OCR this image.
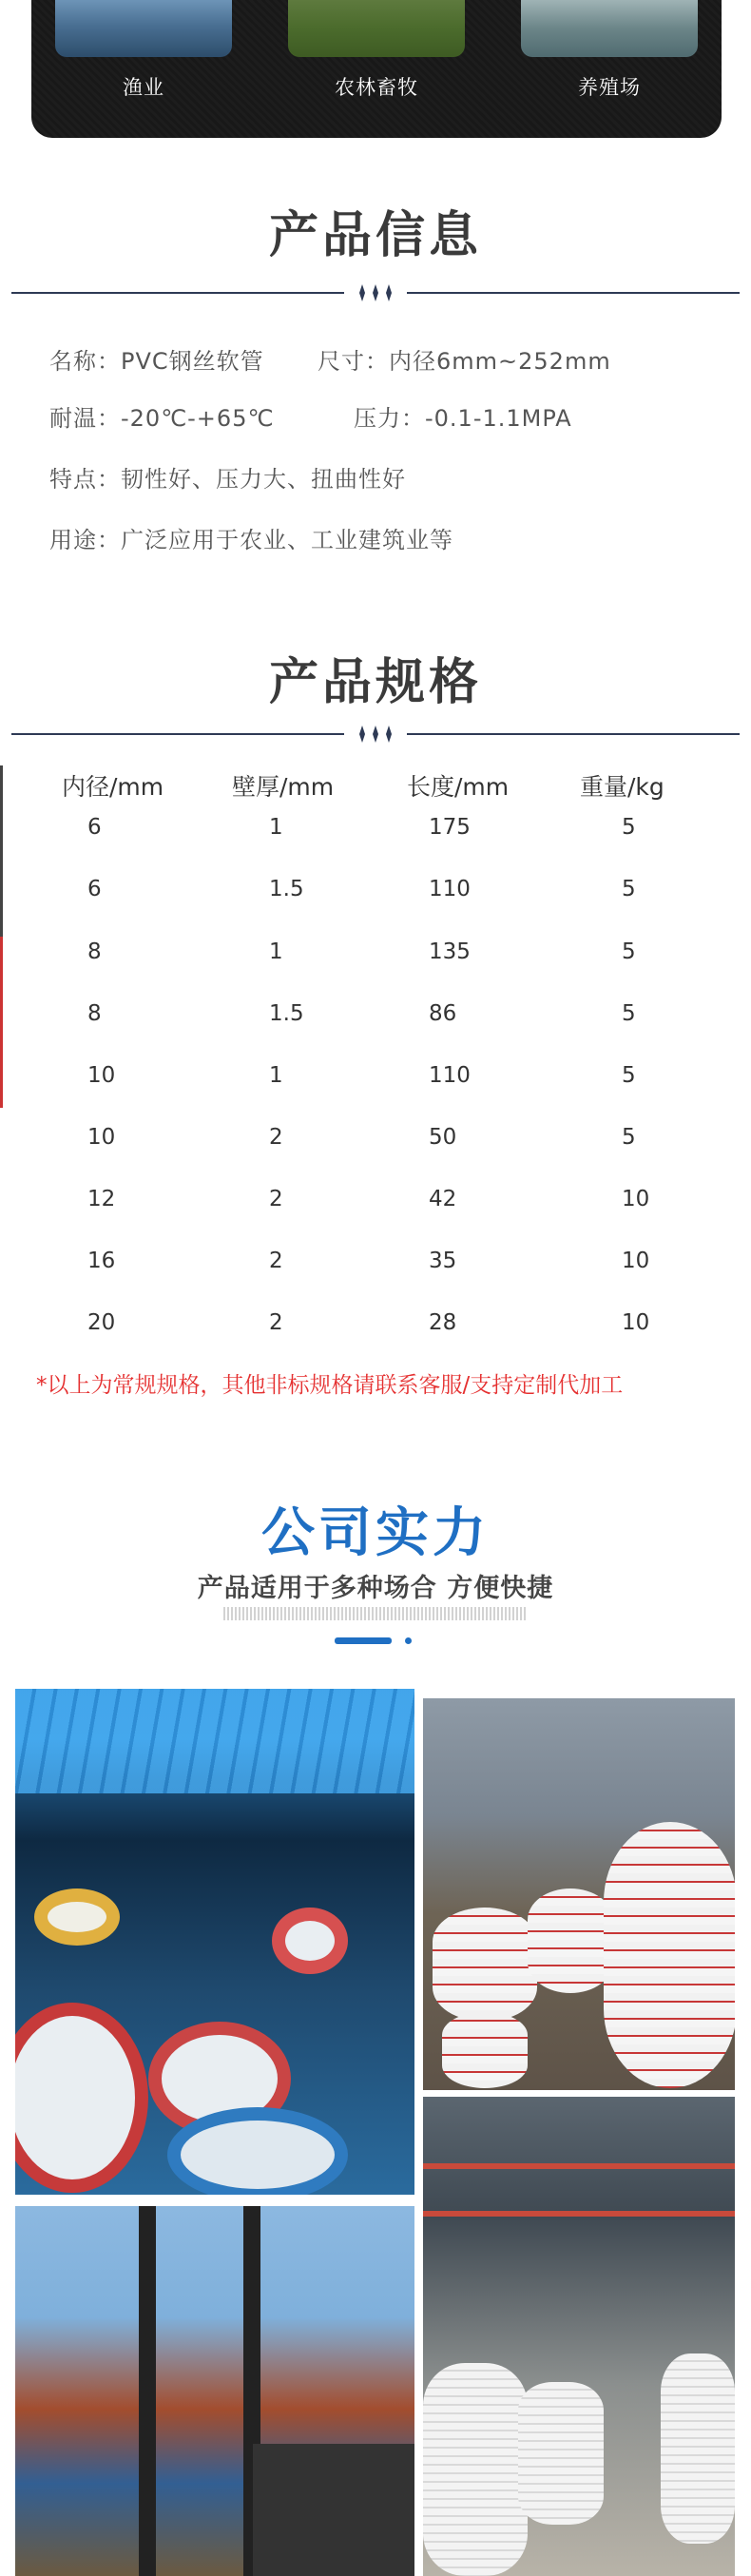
渔业	农林畜牧	养殖场
产品信息
名称：PVC钢丝软管 尺寸：内径6mm~252mm
耐温：-20℃-+65℃	压力：-0.1-1.1MPA
特点：韧性好、压力大、扭曲性好
用途：广泛应用于农业、工业建筑业等
产品规格
内径/mm	壁厚/mm	长度/mm	重量/kg
6	1	175	5
6	1.5	110	5
8	1	135	5
8	1.5	86	5
10	1	110	5
10	2	50	5
12	2	42	10
16	2	35	10
20	2	28	10
*以上为常规规格，其他非标规格请联系客服/支持定制代加工
公司实力
产品适用于多种场合 方便快捷
